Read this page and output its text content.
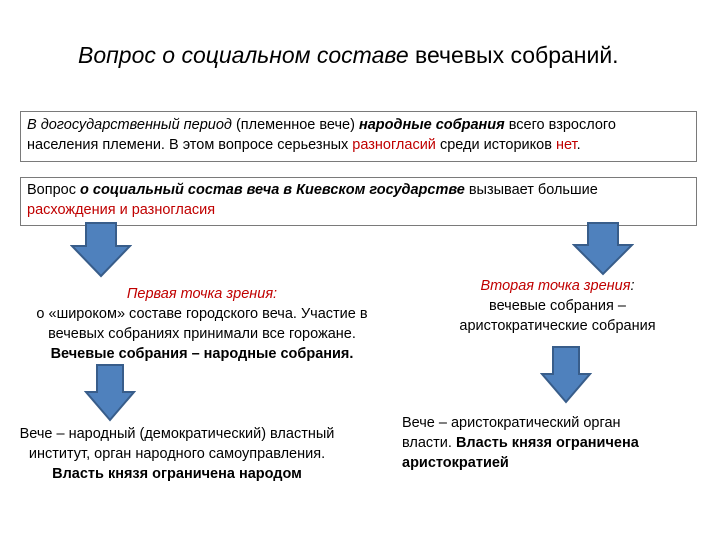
Вопрос о социальном составе вечевых собраний.
В догосударственный период (племенное вече) народные собрания всего взрослого населения племени. В этом вопросе серьезных разногласий среди историков нет.
Вопрос о социальный состав веча в Киевском государстве вызывает большие
расхождения и разногласия
Первая точка зрения:
о «широком» составе городского веча. Участие в вечевых собраниях принимали все горожане.
Вечевые собрания – народные собрания.
Вторая точка зрения:
вечевые собрания – аристократические собрания
Вече – народный (демократический) властный институт, орган народного самоуправления. Власть князя ограничена народом
Вече – аристократический орган власти. Власть князя ограничена аристократией
